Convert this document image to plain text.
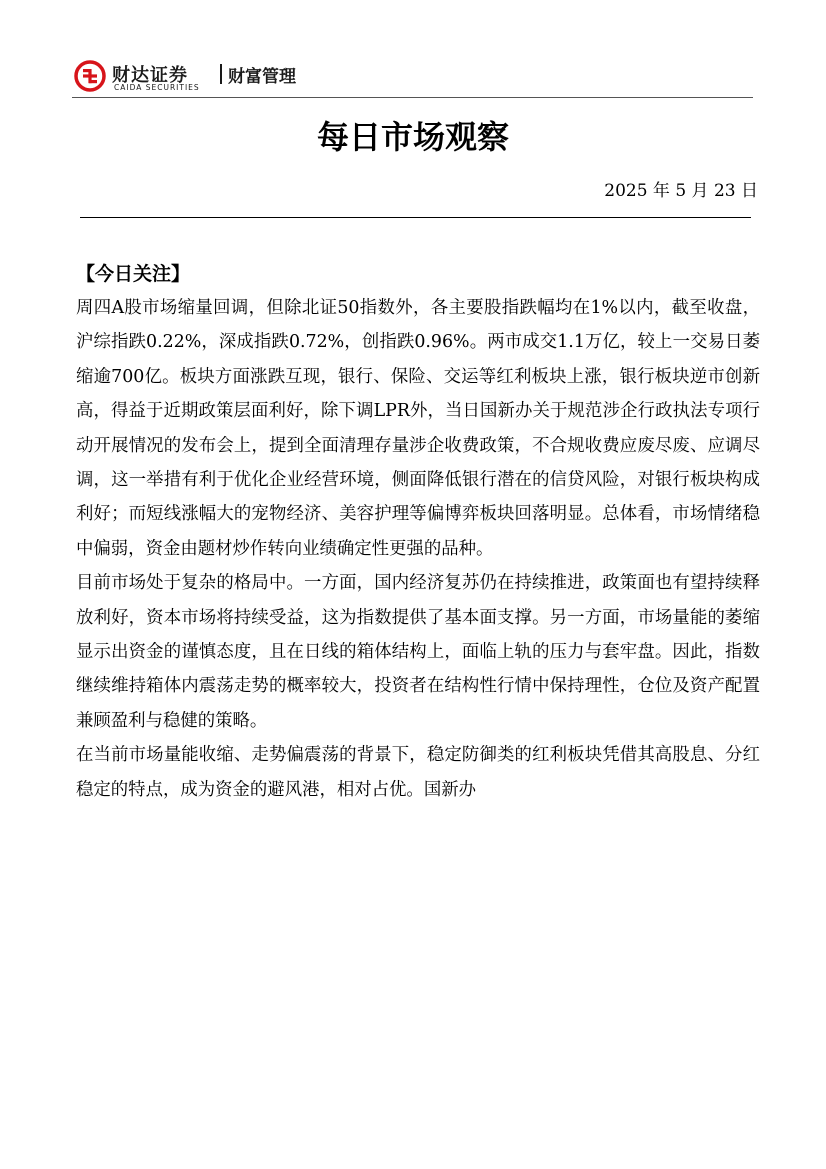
财达证券
CAIDA SECURITIES
财富管理
每日市场观察
2025 年 5 月 23 日
【今日关注】

周四A股市场缩量回调，但除北证50指数外，各主要股指跌幅均在1%以内，截至收盘，沪综指跌0.22%，深成指跌0.72%，创指跌0.96%。两市成交1.1万亿，较上一交易日萎缩逾700亿。板块方面涨跌互现，银行、保险、交运等红利板块上涨，银行板块逆市创新高，得益于近期政策层面利好，除下调LPR外，当日国新办关于规范涉企行政执法专项行动开展情况的发布会上，提到全面清理存量涉企收费政策，不合规收费应废尽废、应调尽调，这一举措有利于优化企业经营环境，侧面降低银行潜在的信贷风险，对银行板块构成利好；而短线涨幅大的宠物经济、美容护理等偏博弈板块回落明显。总体看，市场情绪稳中偏弱，资金由题材炒作转向业绩确定性更强的品种。

目前市场处于复杂的格局中。一方面，国内经济复苏仍在持续推进，政策面也有望持续释放利好，资本市场将持续受益，这为指数提供了基本面支撑。另一方面，市场量能的萎缩显示出资金的谨慎态度，且在日线的箱体结构上，面临上轨的压力与套牢盘。因此，指数继续维持箱体内震荡走势的概率较大，投资者在结构性行情中保持理性，仓位及资产配置兼顾盈利与稳健的策略。

在当前市场量能收缩、走势偏震荡的背景下，稳定防御类的红利板块凭借其高股息、分红稳定的特点，成为资金的避风港，相对占优。国新办
